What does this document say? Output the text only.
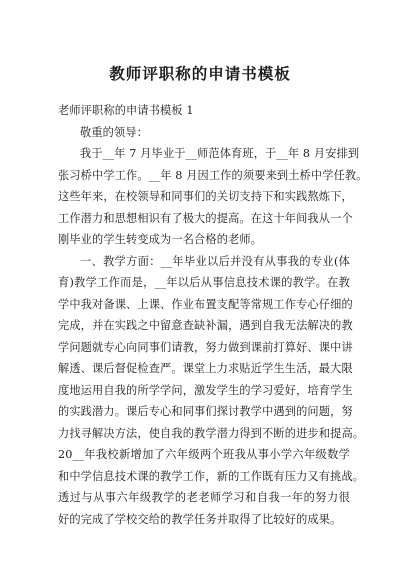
教师评职称的申请书模板
老师评职称的申请书模板 1
敬重的领导：
我于__年 7 月毕业于__师范体育班，于__年 8 月安排到
张习桥中学工作。__年 8 月因工作的须要来到土桥中学任教。
这些年来，在校领导和同事们的关切支持下和实践熬炼下，
工作潜力和思想相识有了极大的提高。在这十年间我从一个
刚毕业的学生转变成为一名合格的老师。
一、教学方面：__年毕业以后并没有从事我的专业(体
育)教学工作而是，__年以后从事信息技术课的教学。在教
学中我对备课、上课、作业布置支配等常规工作专心仔细的
完成，并在实践之中留意查缺补漏，遇到自我无法解决的教
学问题就专心向同事们请教，努力做到课前打算好、课中讲
解透、课后督促检查严。课堂上力求贴近学生生活，最大限
度地运用自我的所学学问，激发学生的学习爱好，培育学生
的实践潜力。课后专心和同事们探讨教学中遇到的问题，努
力找寻解决方法，使自我的教学潜力得到不断的进步和提高。
20__年我校新增加了六年级两个班我从事小学六年级数学
和中学信息技术课的教学工作，新的工作既有压力又有挑战。
透过与从事六年级教学的老老师学习和自我一年的努力很
好的完成了学校交给的教学任务并取得了比较好的成果。
